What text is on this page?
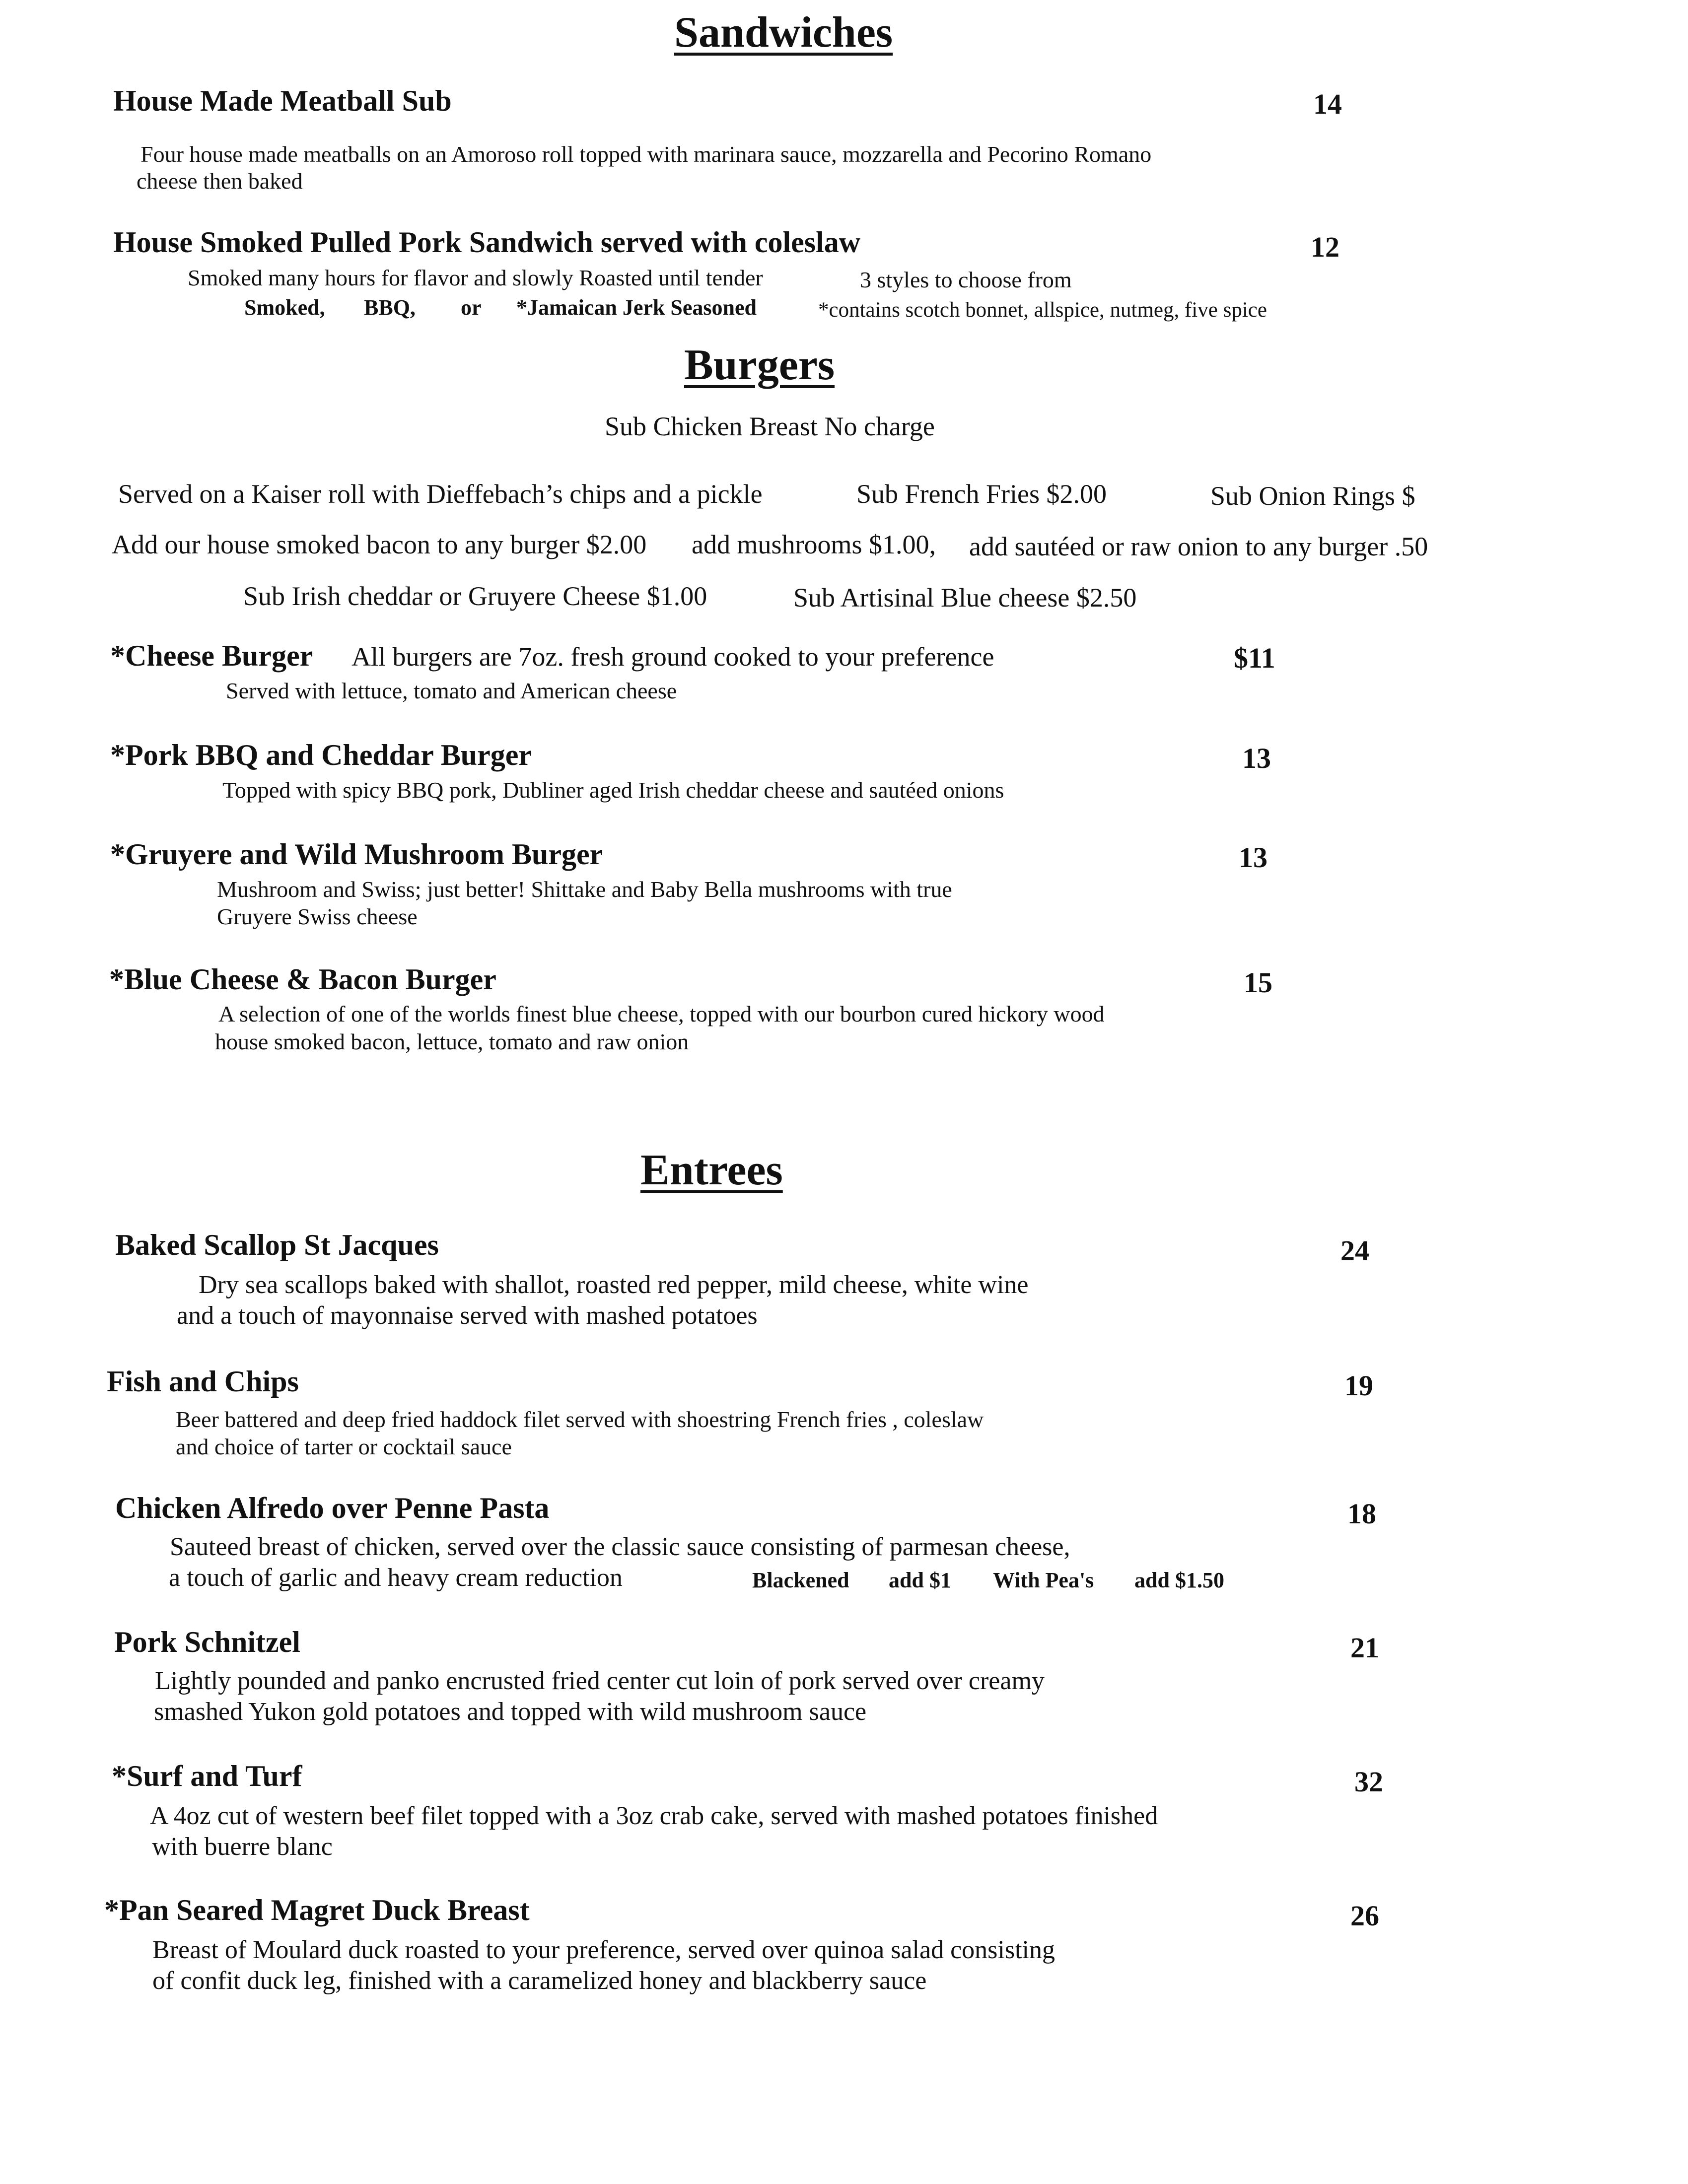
Sandwiches
House Made Meatball Sub	14
Four house made meatballs on an Amoroso roll topped with marinara sauce, mozzarella and Pecorino Romano
cheese then baked
House Smoked Pulled Pork Sandwich served with coleslaw	12
Smoked many hours for flavor and slowly Roasted until tender	3 styles to choose from
Smoked, BBQ, or *Jamaican Jerk Seasoned	*contains scotch bonnet, allspice, nutmeg, five spice
Burgers
Sub Chicken Breast No charge
Served on a Kaiser roll with Dieffebach’s chips and a pickle	Sub French Fries $2.00	Sub Onion Rings $
Add our house smoked bacon to any burger $2.00 add mushrooms $1.00, add sautéed or raw onion to any burger .50
Sub Irish cheddar or Gruyere Cheese $1.00	Sub Artisinal Blue cheese $2.50
*Cheese Burger All burgers are 7oz. fresh ground cooked to your preference	$11
Served with lettuce, tomato and American cheese
*Pork BBQ and Cheddar Burger	13
Topped with spicy BBQ pork, Dubliner aged Irish cheddar cheese and sautéed onions
*Gruyere and Wild Mushroom Burger	13
Mushroom and Swiss; just better! Shittake and Baby Bella mushrooms with true
Gruyere Swiss cheese
*Blue Cheese & Bacon Burger	15
A selection of one of the worlds finest blue cheese, topped with our bourbon cured hickory wood
house smoked bacon, lettuce, tomato and raw onion
Entrees
Baked Scallop St Jacques	24
Dry sea scallops baked with shallot, roasted red pepper, mild cheese, white wine
and a touch of mayonnaise served with mashed potatoes
Fish and Chips	19
Beer battered and deep fried haddock filet served with shoestring French fries , coleslaw
and choice of tarter or cocktail sauce
Chicken Alfredo over Penne Pasta	18
Sauteed breast of chicken, served over the classic sauce consisting of parmesan cheese,
a touch of garlic and heavy cream reduction	Blackened add $1 With Pea's add $1.50
Pork Schnitzel	21
Lightly pounded and panko encrusted fried center cut loin of pork served over creamy
smashed Yukon gold potatoes and topped with wild mushroom sauce
*Surf and Turf	32
A 4oz cut of western beef filet topped with a 3oz crab cake, served with mashed potatoes finished
with buerre blanc
*Pan Seared Magret Duck Breast	26
Breast of Moulard duck roasted to your preference, served over quinoa salad consisting
of confit duck leg, finished with a caramelized honey and blackberry sauce
